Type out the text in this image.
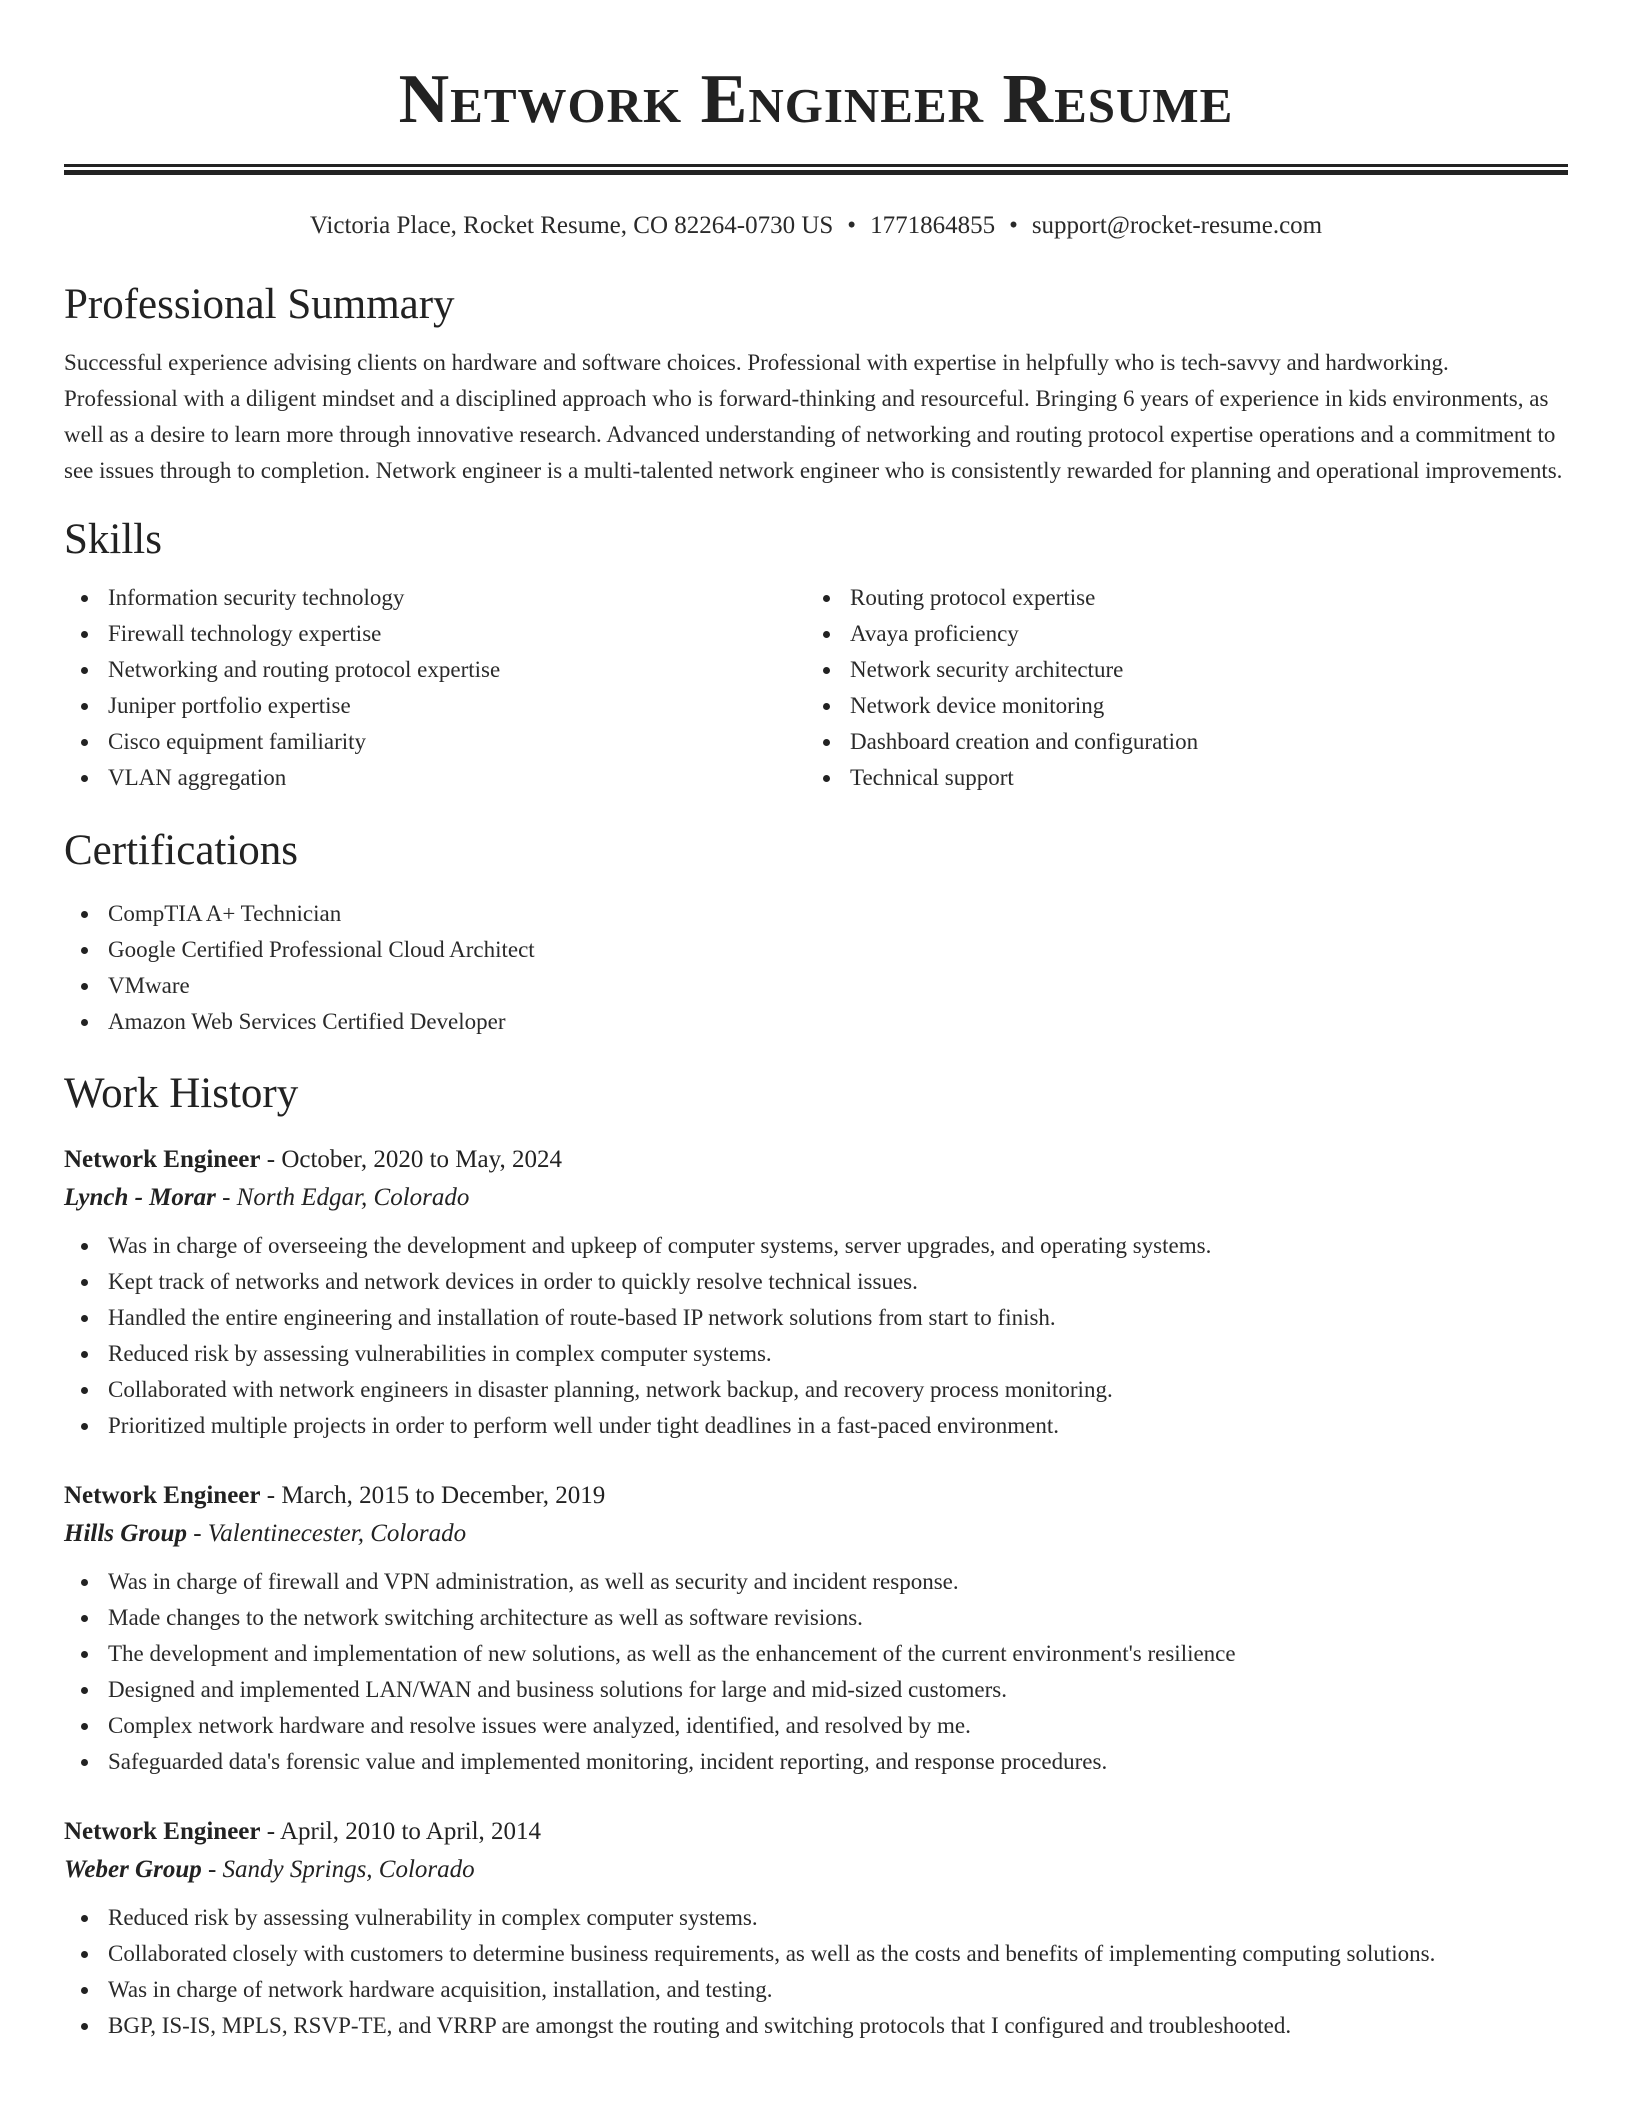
Network Engineer Resume
Victoria Place, Rocket Resume, CO 82264-0730 US • 1771864855 • support@rocket-resume.com
Professional Summary

Successful experience advising clients on hardware and software choices. Professional with expertise in helpfully who is tech-savvy and hardworking. Professional with a diligent mindset and a disciplined approach who is forward-thinking and resourceful. Bringing 6 years of experience in kids environments, as well as a desire to learn more through innovative research. Advanced understanding of networking and routing protocol expertise operations and a commitment to see issues through to completion. Network engineer is a multi-talented network engineer who is consistently rewarded for planning and operational improvements.

Skills
Information security technology
Firewall technology expertise
Networking and routing protocol expertise
Juniper portfolio expertise
Cisco equipment familiarity
VLAN aggregation
Routing protocol expertise
Avaya proficiency
Network security architecture
Network device monitoring
Dashboard creation and configuration
Technical support
Certifications
CompTIA A+ Technician
Google Certified Professional Cloud Architect
VMware
Amazon Web Services Certified Developer
Work History
Network Engineer - October, 2020 to May, 2024
Lynch - Morar - North Edgar, Colorado
Was in charge of overseeing the development and upkeep of computer systems, server upgrades, and operating systems.
Kept track of networks and network devices in order to quickly resolve technical issues.
Handled the entire engineering and installation of route-based IP network solutions from start to finish.
Reduced risk by assessing vulnerabilities in complex computer systems.
Collaborated with network engineers in disaster planning, network backup, and recovery process monitoring.
Prioritized multiple projects in order to perform well under tight deadlines in a fast-paced environment.
Network Engineer - March, 2015 to December, 2019
Hills Group - Valentinecester, Colorado
Was in charge of firewall and VPN administration, as well as security and incident response.
Made changes to the network switching architecture as well as software revisions.
The development and implementation of new solutions, as well as the enhancement of the current environment's resilience
Designed and implemented LAN/WAN and business solutions for large and mid-sized customers.
Complex network hardware and resolve issues were analyzed, identified, and resolved by me.
Safeguarded data's forensic value and implemented monitoring, incident reporting, and response procedures.
Network Engineer - April, 2010 to April, 2014
Weber Group - Sandy Springs, Colorado
Reduced risk by assessing vulnerability in complex computer systems.
Collaborated closely with customers to determine business requirements, as well as the costs and benefits of implementing computing solutions.
Was in charge of network hardware acquisition, installation, and testing.
BGP, IS-IS, MPLS, RSVP-TE, and VRRP are amongst the routing and switching protocols that I configured and troubleshooted.
